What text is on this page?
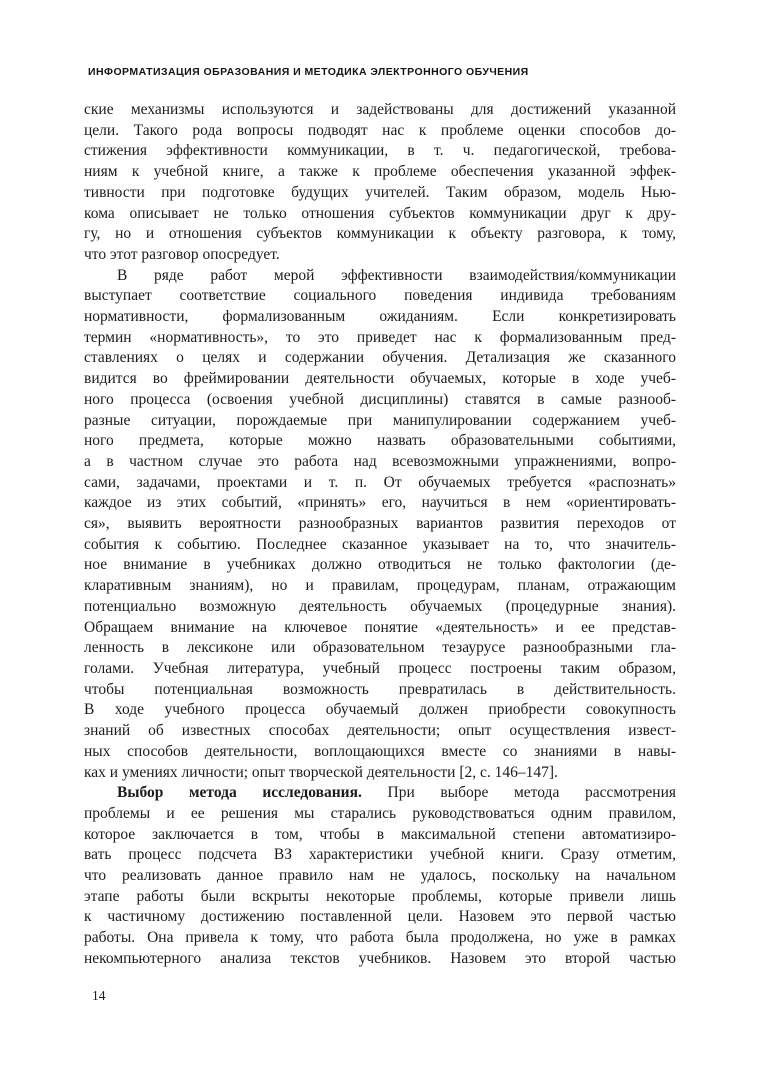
ИНФОРМАТИЗАЦИЯ ОБРАЗОВАНИЯ И МЕТОДИКА ЭЛЕКТРОННОГО ОБУЧЕНИЯ
ские механизмы используются и задействованы для достижений указанной
цели. Такого рода вопросы подводят нас к проблеме оценки способов до-
стижения эффективности коммуникации, в т. ч. педагогической, требова-
ниям к учебной книге, а также к проблеме обеспечения указанной эффек-
тивности при подготовке будущих учителей. Таким образом, модель Нью-
кома описывает не только отношения субъектов коммуникации друг к дру-
гу, но и отношения субъектов коммуникации к объекту разговора, к тому,
что этот разговор опосредует.
В ряде работ мерой эффективности взаимодействия/коммуникации
выступает соответствие социального поведения индивида требованиям
нормативности, формализованным ожиданиям. Если конкретизировать
термин «нормативность», то это приведет нас к формализованным пред-
ставлениях о целях и содержании обучения. Детализация же сказанного
видится во фреймировании деятельности обучаемых, которые в ходе учеб-
ного процесса (освоения учебной дисциплины) ставятся в самые разнооб-
разные ситуации, порождаемые при манипулировании содержанием учеб-
ного предмета, которые можно назвать образовательными событиями,
а в частном случае это работа над всевозможными упражнениями, вопро-
сами, задачами, проектами и т. п. От обучаемых требуется «распознать»
каждое из этих событий, «принять» его, научиться в нем «ориентировать-
ся», выявить вероятности разнообразных вариантов развития переходов от
события к событию. Последнее сказанное указывает на то, что значитель-
ное внимание в учебниках должно отводиться не только фактологии (де-
кларативным знаниям), но и правилам, процедурам, планам, отражающим
потенциально возможную деятельность обучаемых (процедурные знания).
Обращаем внимание на ключевое понятие «деятельность» и ее представ-
ленность в лексиконе или образовательном тезаурусе разнообразными гла-
голами. Учебная литература, учебный процесс построены таким образом,
чтобы потенциальная возможность превратилась в действительность.
В ходе учебного процесса обучаемый должен приобрести совокупность
знаний об известных способах деятельности; опыт осуществления извест-
ных способов деятельности, воплощающихся вместе со знаниями в навы-
ках и умениях личности; опыт творческой деятельности [2, с. 146–147].
Выбор метода исследования. При выборе метода рассмотрения
проблемы и ее решения мы старались руководствоваться одним правилом,
которое заключается в том, чтобы в максимальной степени автоматизиро-
вать процесс подсчета ВЗ характеристики учебной книги. Сразу отметим,
что реализовать данное правило нам не удалось, поскольку на начальном
этапе работы были вскрыты некоторые проблемы, которые привели лишь
к частичному достижению поставленной цели. Назовем это первой частью
работы. Она привела к тому, что работа была продолжена, но уже в рамках
некомпьютерного анализа текстов учебников. Назовем это второй частью
14
